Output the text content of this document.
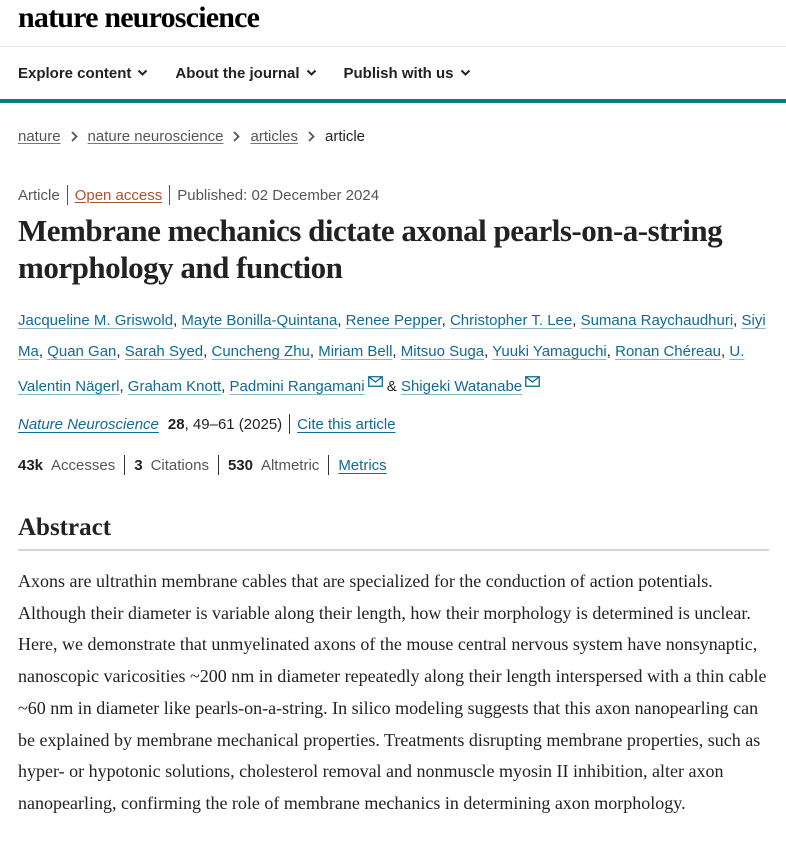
nature neuroscience
Explore content	About the journal	Publish with us
nature nature neuroscience articles article
Article Open access Published: 02 December 2024
Membrane mechanics dictate axonal pearls-on-a-string morphology and function
Jacqueline M. Griswold, Mayte Bonilla-Quintana, Renee Pepper, Christopher T. Lee, Sumana Raychaudhuri, Siyi Ma, Quan Gan, Sarah Syed, Cuncheng Zhu, Miriam Bell, Mitsuo Suga, Yuuki Yamaguchi, Ronan Chéreau, U. Valentin Nägerl, Graham Knott, Padmini Rangamani & Shigeki Watanabe
Nature Neuroscience 28 , 49–61 (2025) Cite this article
43k Accesses 3 Citations 530 Altmetric Metrics
Abstract

Axons are ultrathin membrane cables that are specialized for the conduction of action potentials. Although their diameter is variable along their length, how their morphology is determined is unclear. Here, we demonstrate that unmyelinated axons of the mouse central nervous system have nonsynaptic, nanoscopic varicosities ~200 nm in diameter repeatedly along their length interspersed with a thin cable ~60 nm in diameter like pearls-on-a-string. In silico modeling suggests that this axon nanopearling can be explained by membrane mechanical properties. Treatments disrupting membrane properties, such as hyper- or hypotonic solutions, cholesterol removal and nonmuscle myosin II inhibition, alter axon nanopearling, confirming the role of membrane mechanics in determining axon morphology.
